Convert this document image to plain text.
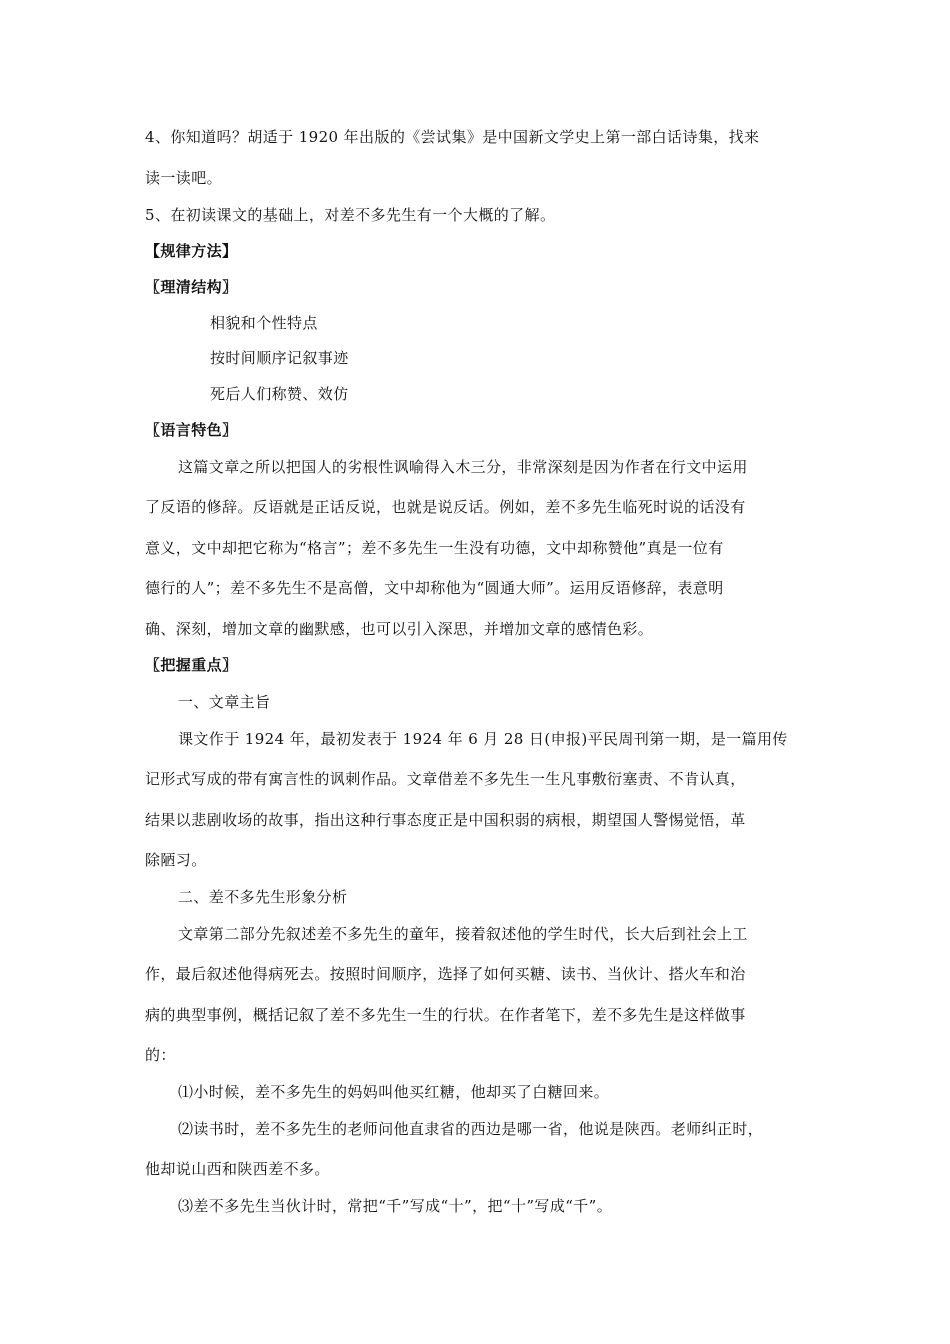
4、你知道吗？胡适于 1920 年出版的《尝试集》是中国新文学史上第一部白话诗集，找来
读一读吧。
5、在初读课文的基础上，对差不多先生有一个大概的了解。
【规律方法】
〖理清结构〗
相貌和个性特点
按时间顺序记叙事迹
死后人们称赞、效仿
〖语言特色〗
这篇文章之所以把国人的劣根性讽喻得入木三分，非常深刻是因为作者在行文中运用
了反语的修辞。反语就是正话反说，也就是说反话。例如，差不多先生临死时说的话没有
意义，文中却把它称为“格言”；差不多先生一生没有功德，文中却称赞他”真是一位有
德行的人”；差不多先生不是高僧，文中却称他为“圆通大师”。运用反语修辞，表意明
确、深刻，增加文章的幽默感，也可以引入深思，并增加文章的感情色彩。
〖把握重点〗
一、文章主旨
课文作于 1924 年，最初发表于 1924 年 6 月 28 日(申报)平民周刊第一期，是一篇用传
记形式写成的带有寓言性的讽刺作品。文章借差不多先生一生凡事敷衍塞责、不肯认真，
结果以悲剧收场的故事，指出这种行事态度正是中国积弱的病根，期望国人警惕觉悟，革
除陋习。
二、差不多先生形象分析
文章第二部分先叙述差不多先生的童年，接着叙述他的学生时代，长大后到社会上工
作，最后叙述他得病死去。按照时间顺序，选择了如何买糖、读书、当伙计、搭火车和治
病的典型事例，概括记叙了差不多先生一生的行状。在作者笔下，差不多先生是这样做事
的：
⑴小时候，差不多先生的妈妈叫他买红糖，他却买了白糖回来。
⑵读书时，差不多先生的老师问他直隶省的西边是哪一省，他说是陕西。老师纠正时，
他却说山西和陕西差不多。
⑶差不多先生当伙计时，常把“千”写成“十”，把“十”写成“千”。
